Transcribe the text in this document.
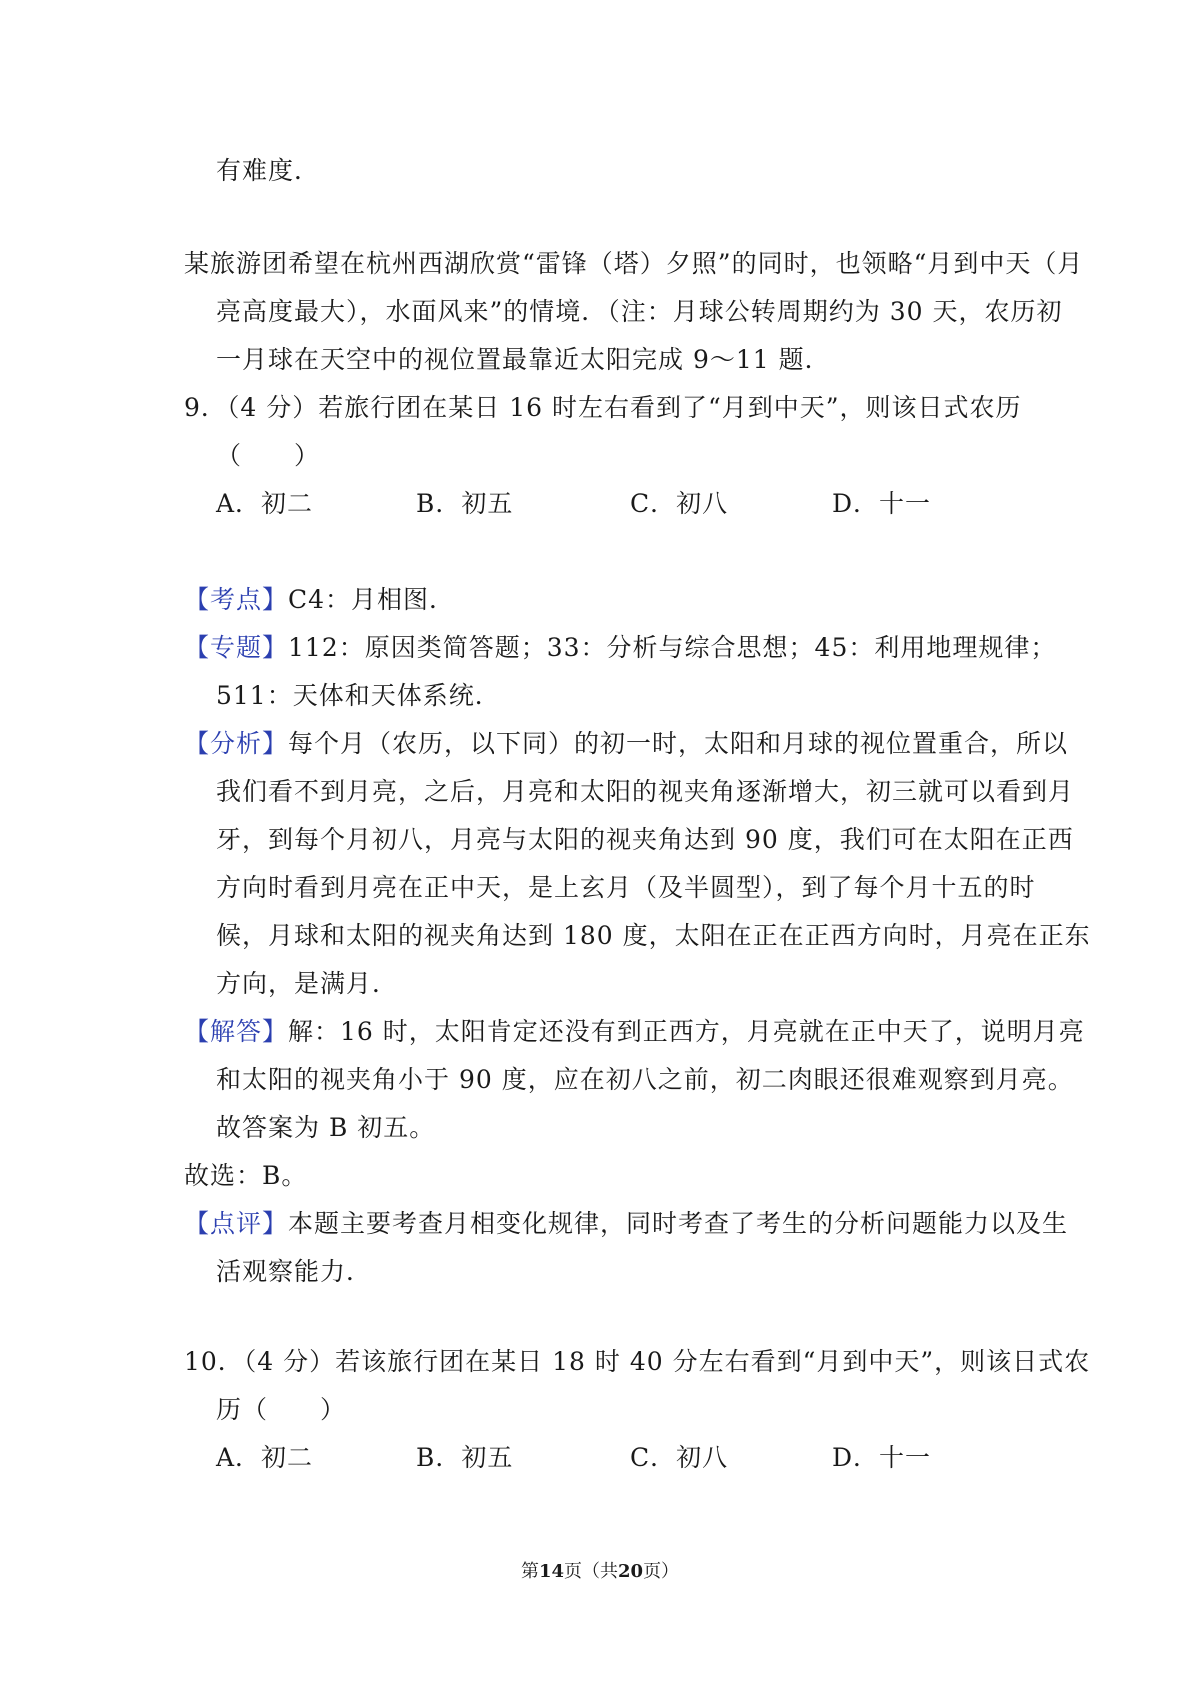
有难度．
某旅游团希望在杭州西湖欣赏“雷锋（塔）夕照”的同时，也领略“月到中天（月
亮高度最大），水面风来”的情境．（注：月球公转周期约为 30 天，农历初
一月球在天空中的视位置最靠近太阳完成 9～11 题．
9．（4 分）若旅行团在某日 16 时左右看到了“月到中天”，则该日式农历
（　　）
A．初二	B．初五	C．初八	D．十一
【考点】C4：月相图．
【专题】112：原因类简答题；33：分析与综合思想；45：利用地理规律；
511：天体和天体系统．
【分析】每个月（农历，以下同）的初一时，太阳和月球的视位置重合，所以
我们看不到月亮，之后，月亮和太阳的视夹角逐渐增大，初三就可以看到月
牙，到每个月初八，月亮与太阳的视夹角达到 90 度，我们可在太阳在正西
方向时看到月亮在正中天，是上玄月（及半圆型），到了每个月十五的时
候，月球和太阳的视夹角达到 180 度，太阳在正在正西方向时，月亮在正东
方向，是满月．
【解答】解：16 时，太阳肯定还没有到正西方，月亮就在正中天了，说明月亮
和太阳的视夹角小于 90 度，应在初八之前，初二肉眼还很难观察到月亮。
故答案为 B 初五。
故选：B。
【点评】本题主要考查月相变化规律，同时考查了考生的分析问题能力以及生
活观察能力．
10．（4 分）若该旅行团在某日 18 时 40 分左右看到“月到中天”，则该日式农
历（　　）
A．初二	B．初五	C．初八	D．十一
第14页（共20页）
